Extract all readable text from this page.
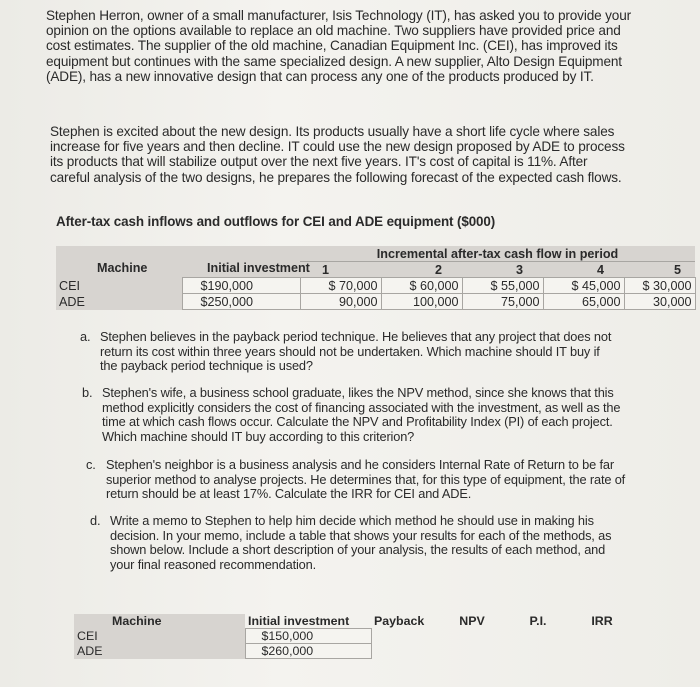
Stephen Herron, owner of a small manufacturer, Isis Technology (IT), has asked you to provide your opinion on the options available to replace an old machine. Two suppliers have provided price and cost estimates. The supplier of the old machine, Canadian Equipment Inc. (CEI), has improved its equipment but continues with the same specialized design. A new supplier, Alto Design Equipment (ADE), has a new innovative design that can process any one of the products produced by IT.
Stephen is excited about the new design. Its products usually have a short life cycle where sales increase for five years and then decline. IT could use the new design proposed by ADE to process its products that will stabilize output over the next five years. IT's cost of capital is 11%. After careful analysis of the two designs, he prepares the following forecast of the expected cash flows.
After-tax cash inflows and outflows for CEI and ADE equipment ($000)
Machine	Initial investment	Incremental after-tax cash flow in period				
		1	2	3	4	5
CEI	$190,000	$ 70,000	$ 60,000	$ 55,000	$ 45,000	$ 30,000
ADE	$250,000	90,000	100,000	75,000	65,000	30,000
a. Stephen believes in the payback period technique. He believes that any project that does not return its cost within three years should not be undertaken. Which machine should IT buy if the payback period technique is used?
b. Stephen's wife, a business school graduate, likes the NPV method, since she knows that this method explicitly considers the cost of financing associated with the investment, as well as the time at which cash flows occur. Calculate the NPV and Profitability Index (PI) of each project. Which machine should IT buy according to this criterion?
c. Stephen's neighbor is a business analysis and he considers Internal Rate of Return to be far superior method to analyse projects. He determines that, for this type of equipment, the rate of return should be at least 17%. Calculate the IRR for CEI and ADE.
d. Write a memo to Stephen to help him decide which method he should use in making his decision. In your memo, include a table that shows your results for each of the methods, as shown below. Include a short description of your analysis, the results of each method, and your final reasoned recommendation.
Machine	Initial investment	Payback	NPV	P.I.	IRR
CEI	$150,000				
ADE	$260,000				
